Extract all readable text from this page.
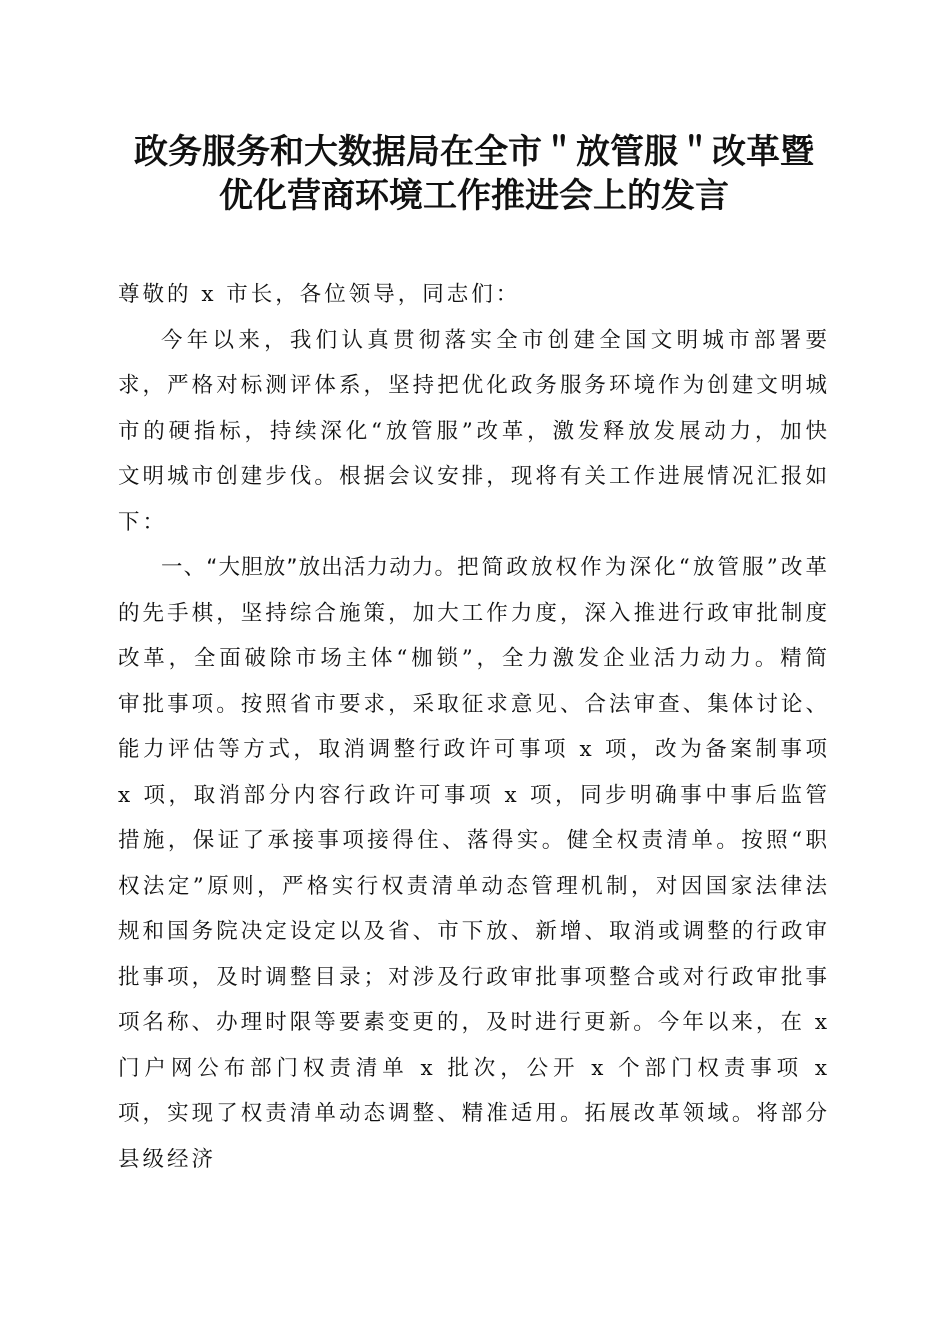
政务服务和大数据局在全市＂放管服＂改革暨
优化营商环境工作推进会上的发言

尊敬的 x 市长，各位领导，同志们：

今年以来，我们认真贯彻落实全市创建全国文明城市部署要求，严格对标测评体系，坚持把优化政务服务环境作为创建文明城市的硬指标，持续深化“放管服”改革，激发释放发展动力，加快文明城市创建步伐。根据会议安排，现将有关工作进展情况汇报如下：

一、“大胆放”放出活力动力。把简政放权作为深化“放管服”改革的先手棋，坚持综合施策，加大工作力度，深入推进行政审批制度改革，全面破除市场主体“枷锁”，全力激发企业活力动力。精简审批事项。按照省市要求，采取征求意见、合法审查、集体讨论、能力评估等方式，取消调整行政许可事项 x 项，改为备案制事项 x 项，取消部分内容行政许可事项 x 项，同步明确事中事后监管措施，保证了承接事项接得住、落得实。健全权责清单。按照“职权法定”原则，严格实行权责清单动态管理机制，对因国家法律法规和国务院决定设定以及省、市下放、新增、取消或调整的行政审批事项，及时调整目录；对涉及行政审批事项整合或对行政审批事项名称、办理时限等要素变更的，及时进行更新。今年以来，在 x 门户网公布部门权责清单 x 批次，公开 x 个部门权责事项 x 项，实现了权责清单动态调整、精准适用。拓展改革领域。将部分县级经济
